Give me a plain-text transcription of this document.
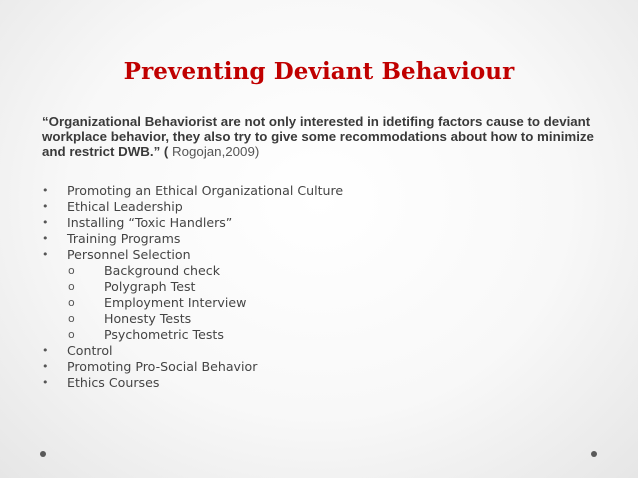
Preventing Deviant Behaviour
“Organizational Behaviorist are not only interested in idetifing factors cause to deviant workplace behavior, they also try to give some recommodations about how to minimize and restrict DWB.” ( Rogojan,2009)
•	Promoting an Ethical Organizational Culture
•	Ethical Leadership
•	Installing “Toxic Handlers”
•	Training Programs
•	Personnel Selection
o	Background check
o	Polygraph Test
o	Employment Interview
o	Honesty Tests
o	Psychometric Tests
•	Control
•	Promoting Pro-Social Behavior
•	Ethics Courses
